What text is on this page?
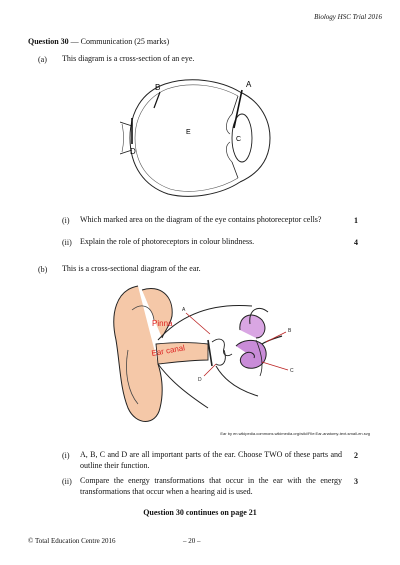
Biology HSC Trial 2016
Question 30 — Communication (25 marks)
(a) This diagram is a cross-section of an eye.
A
B
C
D
E
(i) Which marked area on the diagram of the eye contains photoreceptor cells?	1
(ii) Explain the role of photoreceptors in colour blindness.	4
(b) This is a cross-sectional diagram of the ear.
Pinna
Ear canal
A
B
C
D
Ear by en.wikipedia.commons.wikimedia.org/wiki/File:Ear-anatomy-text-small-en.svg
(i) A, B, C and D are all important parts of the ear. Choose TWO of these parts and outline their function.
2
(ii) Compare the energy transformations that occur in the ear with the energy transformations that occur when a hearing aid is used.
3
Question 30 continues on page 21
© Total Education Centre 2016	– 20 –
